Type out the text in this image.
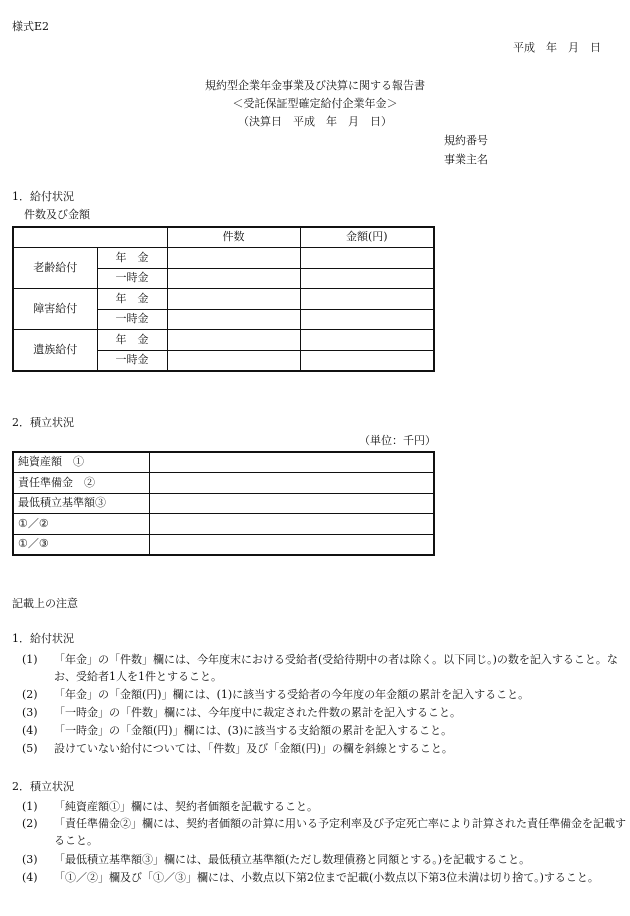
様式E2
平成　年　月　日
規約型企業年金事業及び決算に関する報告書
＜受託保証型確定給付企業年金＞
（決算日　平成　年　月　日）
規約番号
事業主名
1．給付状況
件数及び金額
		件数	金額(円)
老齢給付	年　金		
	一時金		
障害給付	年　金		
	一時金		
遺族給付	年　金		
	一時金		
2．積立状況
（単位：千円）
純資産額　①	
責任準備金　②	
最低積立基準額③	
①／②	
①／③	
記載上の注意
1．給付状況
(1) 「年金」の「件数」欄には、今年度末における受給者(受給待期中の者は除く。以下同じ。)の数を記入すること。なお、受給者1人を1件とすること。
(2) 「年金」の「金額(円)」欄には、(1)に該当する受給者の今年度の年金額の累計を記入すること。
(3) 「一時金」の「件数」欄には、今年度中に裁定された件数の累計を記入すること。
(4) 「一時金」の「金額(円)」欄には、(3)に該当する支給額の累計を記入すること。
(5) 設けていない給付については、「件数」及び「金額(円)」の欄を斜線とすること。
2．積立状況
(1) 「純資産額①」欄には、契約者価額を記載すること。
(2) 「責任準備金②」欄には、契約者価額の計算に用いる予定利率及び予定死亡率により計算された責任準備金を記載すること。
(3) 「最低積立基準額③」欄には、最低積立基準額(ただし数理債務と同額とする。)を記載すること。
(4) 「①／②」欄及び「①／③」欄には、小数点以下第2位まで記載(小数点以下第3位未満は切り捨て。)すること。
